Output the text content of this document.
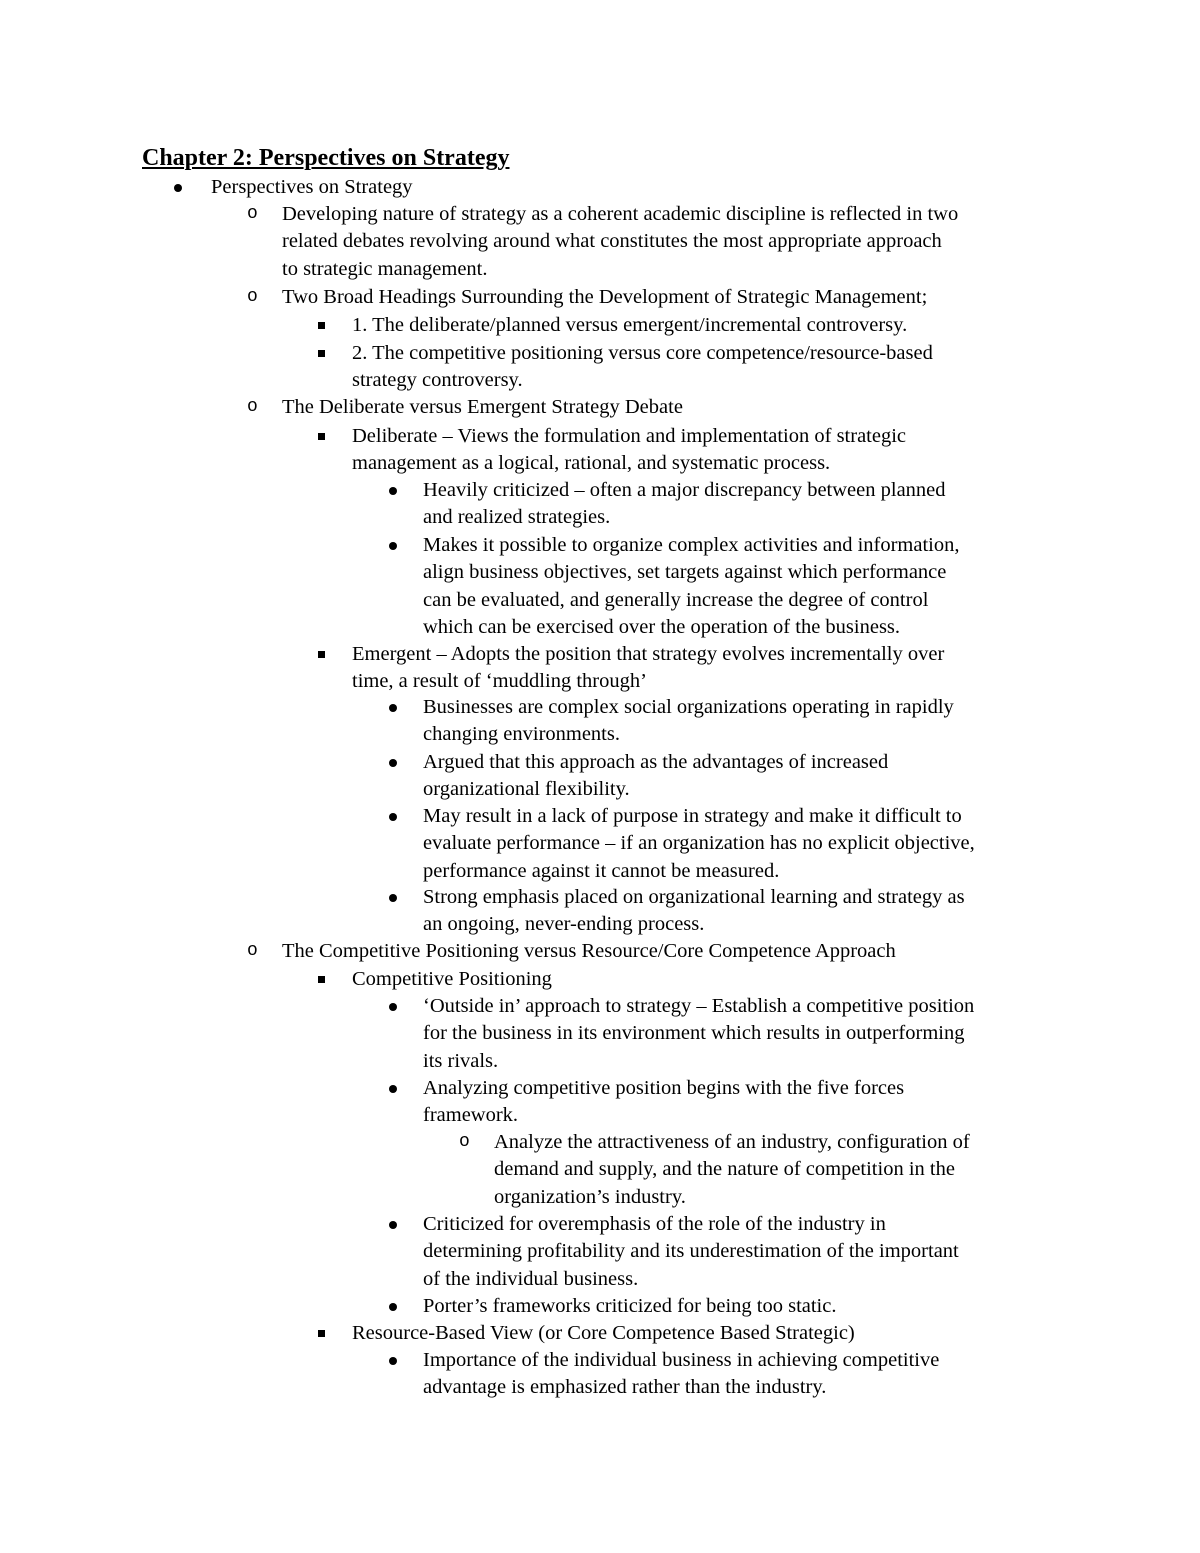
Chapter 2: Perspectives on Strategy
Perspectives on Strategy
o
Developing nature of strategy as a coherent academic discipline is reflected in two
related debates revolving around what constitutes the most appropriate approach
to strategic management.
o
Two Broad Headings Surrounding the Development of Strategic Management;
1. The deliberate/planned versus emergent/incremental controversy.
2. The competitive positioning versus core competence/resource-based
strategy controversy.
o
The Deliberate versus Emergent Strategy Debate
Deliberate – Views the formulation and implementation of strategic
management as a logical, rational, and systematic process.
Heavily criticized – often a major discrepancy between planned
and realized strategies.
Makes it possible to organize complex activities and information,
align business objectives, set targets against which performance
can be evaluated, and generally increase the degree of control
which can be exercised over the operation of the business.
Emergent – Adopts the position that strategy evolves incrementally over
time, a result of ‘muddling through’
Businesses are complex social organizations operating in rapidly
changing environments.
Argued that this approach as the advantages of increased
organizational flexibility.
May result in a lack of purpose in strategy and make it difficult to
evaluate performance – if an organization has no explicit objective,
performance against it cannot be measured.
Strong emphasis placed on organizational learning and strategy as
an ongoing, never-ending process.
o
The Competitive Positioning versus Resource/Core Competence Approach
Competitive Positioning
‘Outside in’ approach to strategy – Establish a competitive position
for the business in its environment which results in outperforming
its rivals.
Analyzing competitive position begins with the five forces
framework.
o
Analyze the attractiveness of an industry, configuration of
demand and supply, and the nature of competition in the
organization’s industry.
Criticized for overemphasis of the role of the industry in
determining profitability and its underestimation of the important
of the individual business.
Porter’s frameworks criticized for being too static.
Resource-Based View (or Core Competence Based Strategic)
Importance of the individual business in achieving competitive
advantage is emphasized rather than the industry.
